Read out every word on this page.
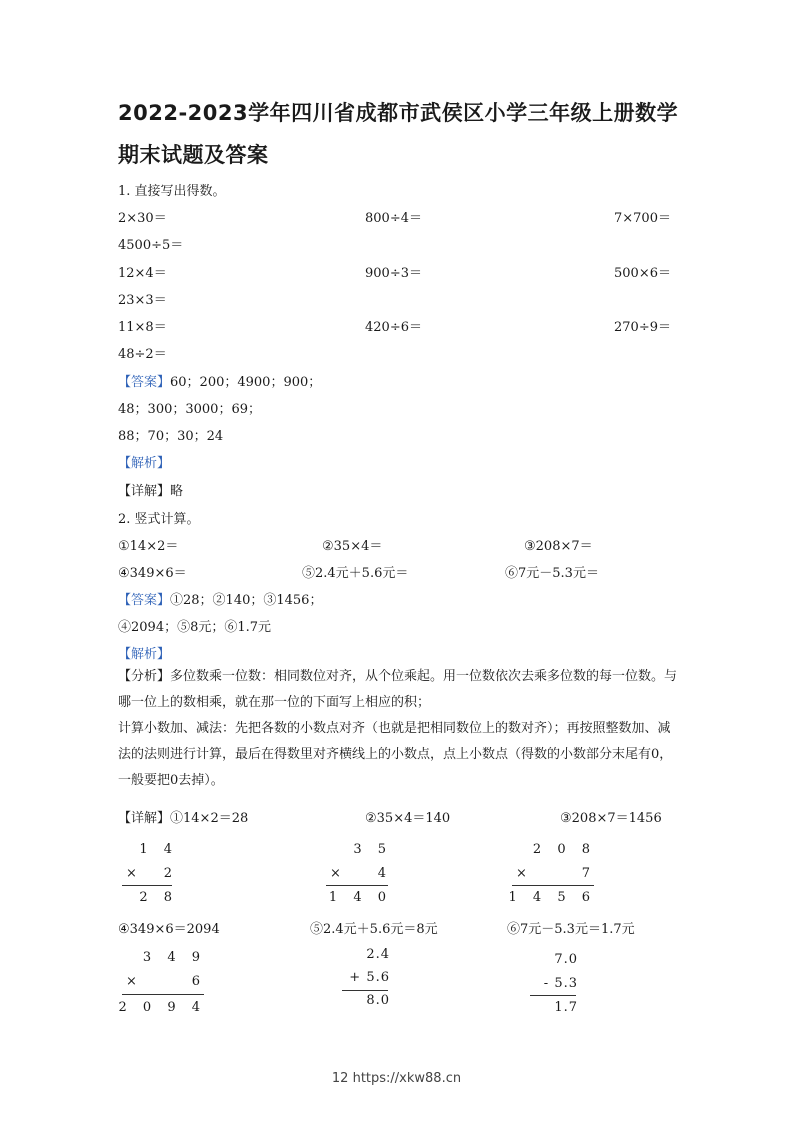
2022-2023学年四川省成都市武侯区小学三年级上册数学期末试题及答案
1. 直接写出得数。
2×30＝	800÷4＝	7×700＝
4500÷5＝
12×4＝	900÷3＝	500×6＝
23×3＝
11×8＝	420÷6＝	270÷9＝
48÷2＝
【答案】60；200；4900；900；
48；300；3000；69；
88；70；30；24
【解析】
【详解】略
2. 竖式计算。
①14×2＝	②35×4＝	③208×7＝
④349×6＝	⑤2.4元＋5.6元＝	⑥7元－5.3元＝
【答案】①28；②140；③1456；
④2094；⑤8元；⑥1.7元
【解析】
【分析】多位数乘一位数：相同数位对齐，从个位乘起。用一位数依次去乘多位数的每一位数。与哪一位上的数相乘，就在那一位的下面写上相应的积；
计算小数加、减法：先把各数的小数点对齐（也就是把相同数位上的数对齐）；再按照整数加、减法的法则进行计算，最后在得数里对齐横线上的小数点，点上小数点（得数的小数部分末尾有0，一般要把0去掉）。
【详解】①14×2＝28	②35×4＝140	③208×7＝1456
1 4
× 2
2 8
3 5
× 4
1 4 0
2 0 8
×	7
1 4 5 6
④349×6＝2094	⑤2.4元＋5.6元＝8元	⑥7元－5.3元＝1.7元
3 4 9
×	6
2 0 9 4
2.4
+ 5.6
8.0
7.0
- 5.3
1.7
12 https://xkw88.cn
